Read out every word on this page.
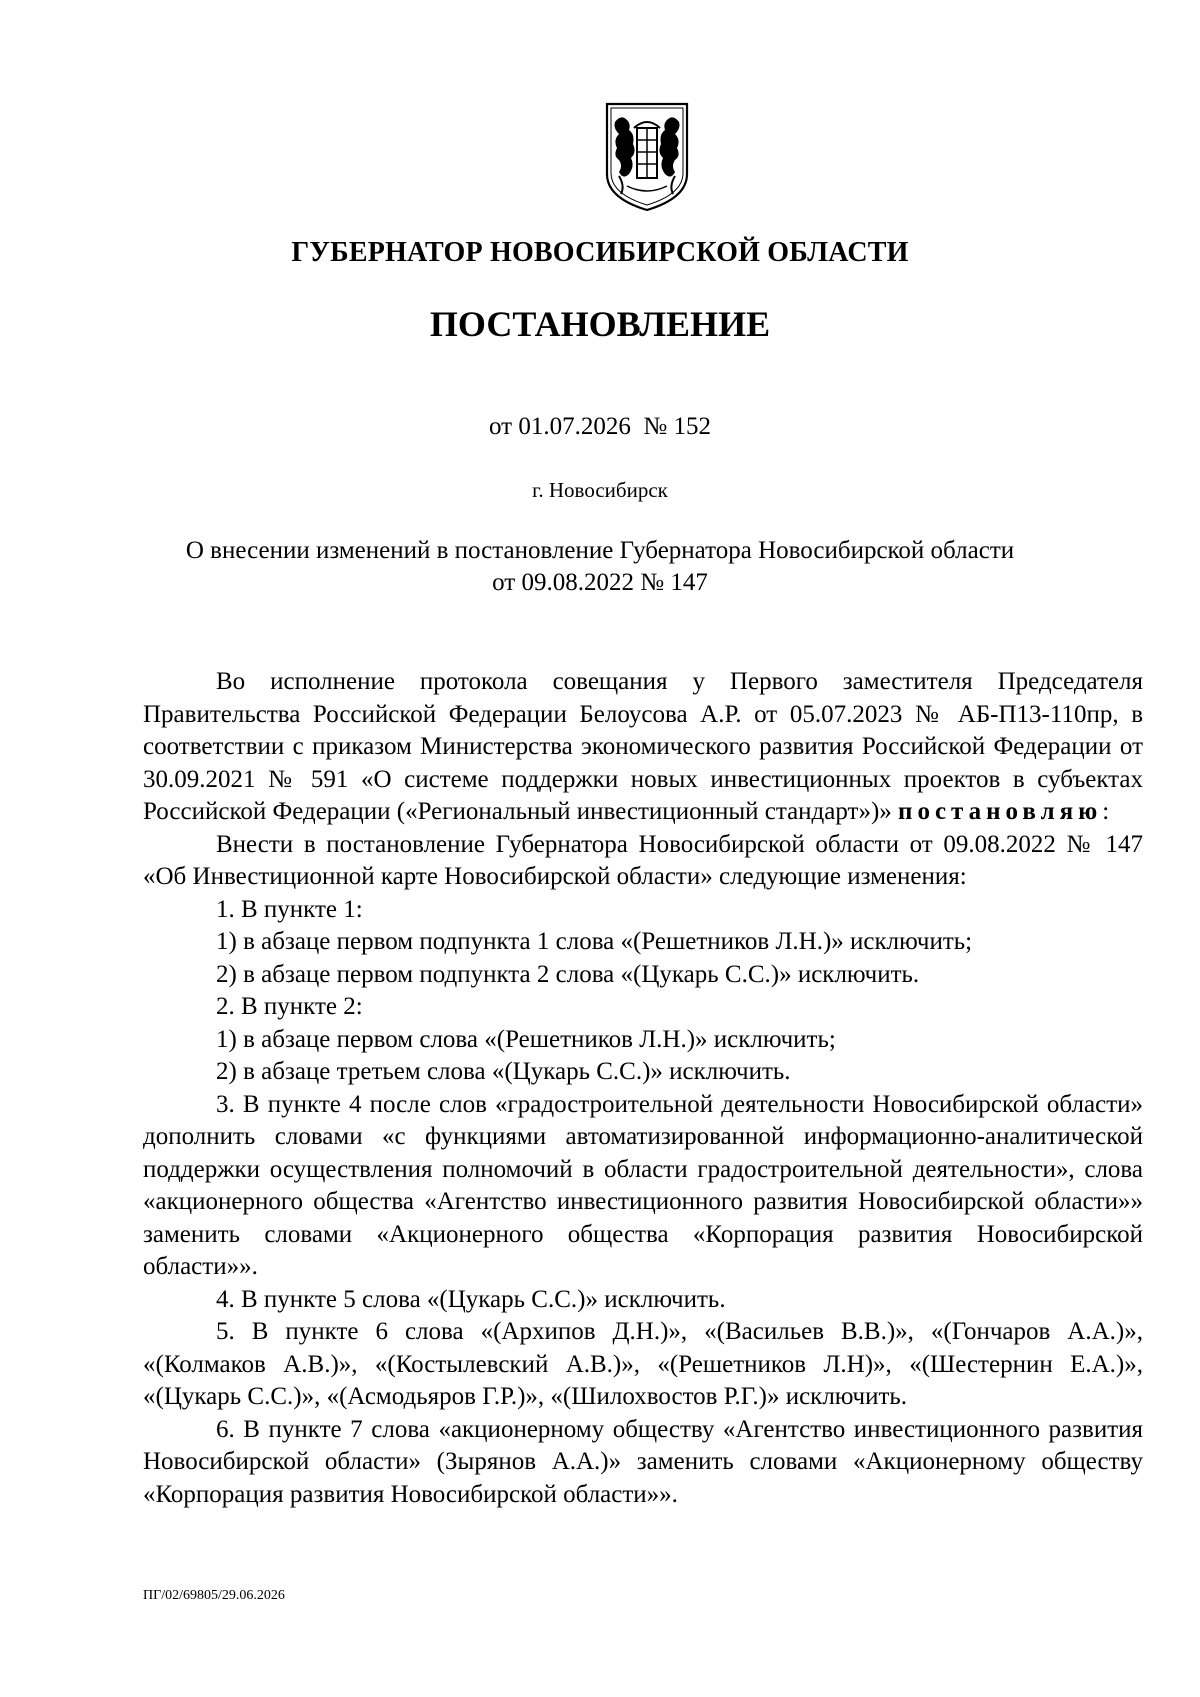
ГУБЕРНАТОР НОВОСИБИРСКОЙ ОБЛАСТИ
ПОСТАНОВЛЕНИЕ
от 01.07.2026  № 152
г. Новосибирск
О внесении изменений в постановление Губернатора Новосибирской области
от 09.08.2022 № 147

Во исполнение протокола совещания у Первого заместителя Председателя Правительства Российской Федерации Белоусова А.Р. от 05.07.2023 № АБ-П13-110пр, в соответствии с приказом Министерства экономического развития Российской Федерации от 30.09.2021 № 591 «О системе поддержки новых инвестиционных проектов в субъектах Российской Федерации («Региональный инвестиционный стандарт»)» постановляю:

Внести в постановление Губернатора Новосибирской области от 09.08.2022 № 147 «Об Инвестиционной карте Новосибирской области» следующие изменения:

1. В пункте 1:

1) в абзаце первом подпункта 1 слова «(Решетников Л.Н.)» исключить;

2) в абзаце первом подпункта 2 слова «(Цукарь С.С.)» исключить.

2. В пункте 2:

1) в абзаце первом слова «(Решетников Л.Н.)» исключить;

2) в абзаце третьем слова «(Цукарь С.С.)» исключить.

3. В пункте 4 после слов «градостроительной деятельности Новосибирской области» дополнить словами «с функциями автоматизированной информационно-аналитической поддержки осуществления полномочий в области градостроительной деятельности», слова «акционерного общества «Агентство инвестиционного развития Новосибирской области»» заменить словами «Акционерного общества «Корпорация развития Новосибирской области»».

4. В пункте 5 слова «(Цукарь С.С.)» исключить.

5. В пункте 6 слова «(Архипов Д.Н.)», «(Васильев В.В.)», «(Гончаров А.А.)», «(Колмаков А.В.)», «(Костылевский А.В.)», «(Решетников Л.Н)», «(Шестернин Е.А.)», «(Цукарь С.С.)», «(Асмодьяров Г.Р.)», «(Шилохвостов Р.Г.)» исключить.

6. В пункте 7 слова «акционерному обществу «Агентство инвестиционного развития Новосибирской области» (Зырянов А.А.)» заменить словами «Акционерному обществу «Корпорация развития Новосибирской области»».

ПГ/02/69805/29.06.2026
